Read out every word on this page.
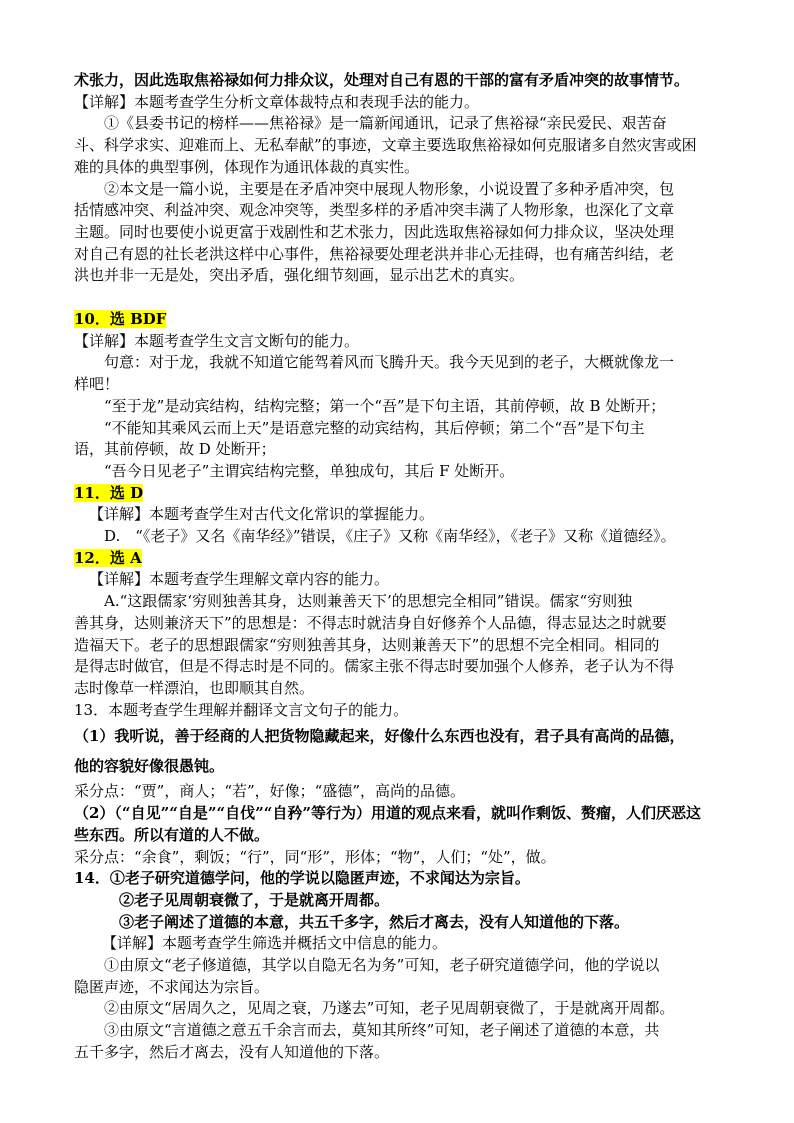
术张力，因此选取焦裕禄如何力排众议，处理对自己有恩的干部的富有矛盾冲突的故事情节。
【详解】本题考查学生分析文章体裁特点和表现手法的能力。
①《县委书记的榜样——焦裕禄》是一篇新闻通讯，记录了焦裕禄“亲民爱民、艰苦奋
斗、科学求实、迎难而上、无私奉献”的事迹，文章主要选取焦裕禄如何克服诸多自然灾害或困
难的具体的典型事例，体现作为通讯体裁的真实性。
②本文是一篇小说，主要是在矛盾冲突中展现人物形象，小说设置了多种矛盾冲突，包
括情感冲突、利益冲突、观念冲突等，类型多样的矛盾冲突丰满了人物形象，也深化了文章
主题。同时也要使小说更富于戏剧性和艺术张力，因此选取焦裕禄如何力排众议，坚决处理
对自己有恩的社长老洪这样中心事件，焦裕禄要处理老洪并非心无挂碍，也有痛苦纠结，老
洪也并非一无是处，突出矛盾，强化细节刻画，显示出艺术的真实。
10．选 BDF
【详解】本题考查学生文言文断句的能力。
句意：对于龙，我就不知道它能驾着风而飞腾升天。我今天见到的老子，大概就像龙一
样吧！
“至于龙”是动宾结构，结构完整；第一个“吾”是下句主语，其前停顿，故 B 处断开；
“不能知其乘风云而上天”是语意完整的动宾结构，其后停顿；第二个“吾”是下句主
语，其前停顿，故 D 处断开；
“吾今日见老子”主谓宾结构完整，单独成句，其后 F 处断开。
11．选 D
【详解】本题考查学生对古代文化常识的掌握能力。
D.　“《老子》又名《南华经》”错误，《庄子》又称《南华经》，《老子》又称《道德经》。
12．选 A
【详解】本题考查学生理解文章内容的能力。
A.“这跟儒家‘穷则独善其身，达则兼善天下’的思想完全相同”错误。儒家“穷则独
善其身，达则兼济天下”的思想是：不得志时就洁身自好修养个人品德，得志显达之时就要
造福天下。老子的思想跟儒家“穷则独善其身，达则兼善天下”的思想不完全相同。相同的
是得志时做官，但是不得志时是不同的。儒家主张不得志时要加强个人修养，老子认为不得
志时像草一样漂泊，也即顺其自然。
13．本题考查学生理解并翻译文言文句子的能力。
（1）我听说，善于经商的人把货物隐藏起来，好像什么东西也没有，君子具有高尚的品德，
他的容貌好像很愚钝。
采分点：“贾”，商人；“若”，好像；“盛德”，高尚的品德。
（2）（“自见”“自是”“自伐”“自矜”等行为）用道的观点来看，就叫作剩饭、赘瘤，人们厌恶这
些东西。所以有道的人不做。
采分点：“余食”，剩饭；“行”，同“形”，形体；“物”，人们；“处”，做。
14．①老子研究道德学问，他的学说以隐匿声迹，不求闻达为宗旨。
②老子见周朝衰微了，于是就离开周都。
③老子阐述了道德的本意，共五千多字，然后才离去，没有人知道他的下落。
【详解】本题考查学生筛选并概括文中信息的能力。
①由原文“老子修道德，其学以自隐无名为务”可知，老子研究道德学问，他的学说以
隐匿声迹，不求闻达为宗旨。
②由原文“居周久之，见周之衰，乃遂去”可知，老子见周朝衰微了，于是就离开周都。
③由原文“言道德之意五千余言而去，莫知其所终”可知，老子阐述了道德的本意，共
五千多字，然后才离去，没有人知道他的下落。
